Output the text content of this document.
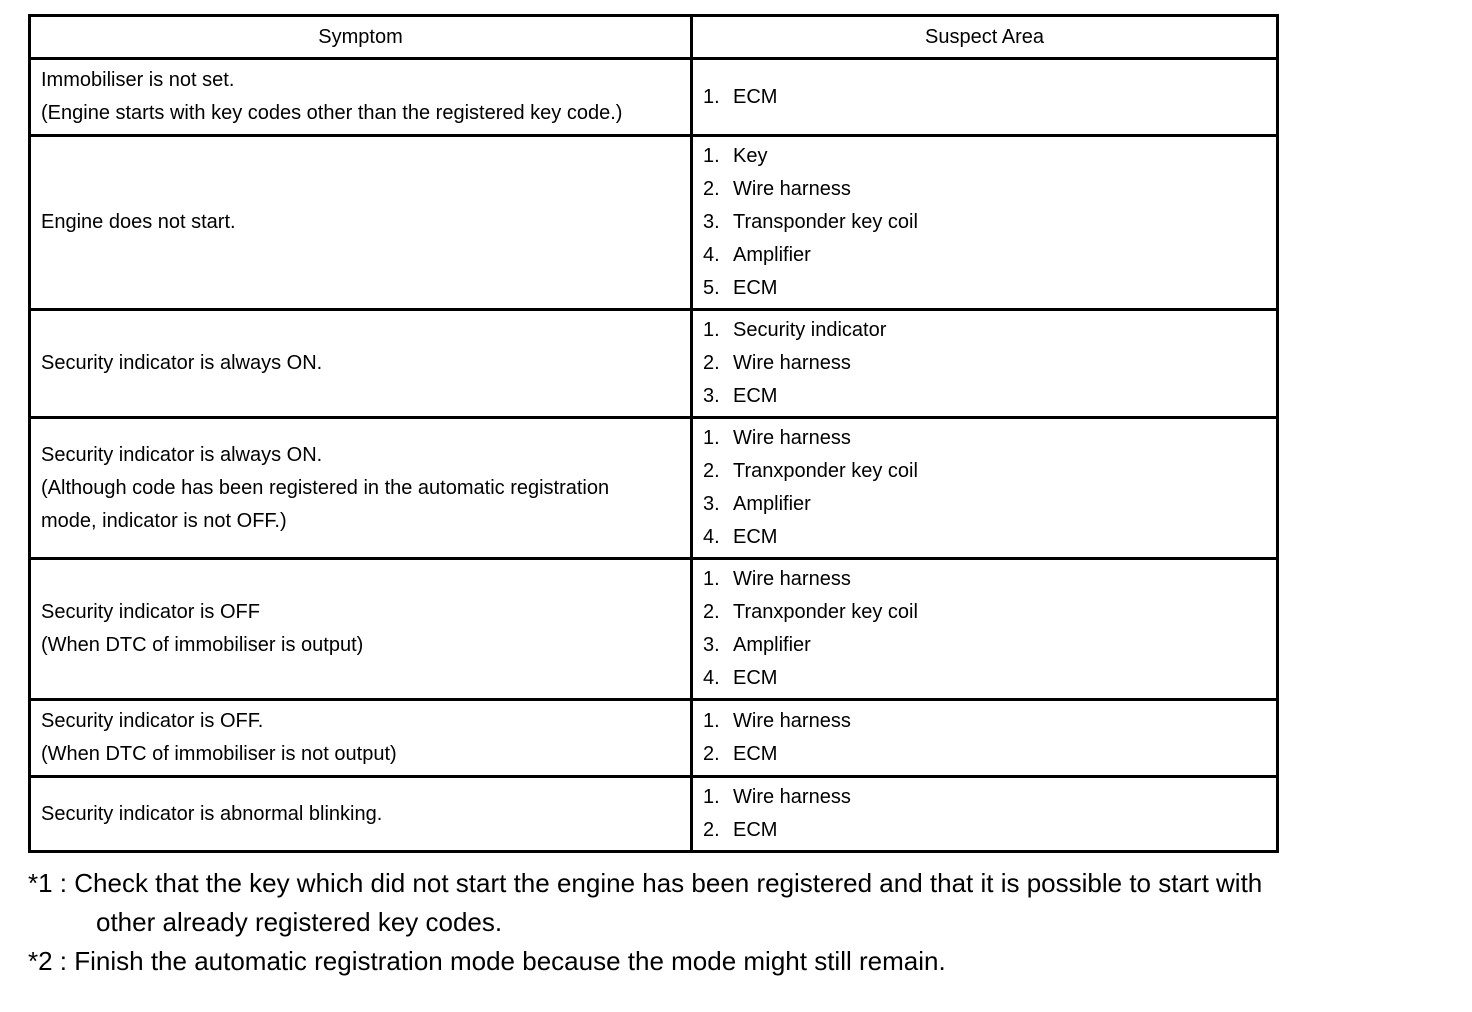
Symptom	Suspect Area

Immobiliser is not set.
(Engine starts with key codes other than the registered key code.)	1. ECM

Engine does not start.	1. Key
2. Wire harness
3. Transponder key coil
4. Amplifier
5. ECM

Security indicator is always ON.	1. Security indicator
2. Wire harness
3. ECM

Security indicator is always ON.
(Although code has been registered in the automatic registration
mode, indicator is not OFF.)	1. Wire harness
2. Tranxponder key coil
3. Amplifier
4. ECM

Security indicator is OFF
(When DTC of immobiliser is output)	1. Wire harness
2. Tranxponder key coil
3. Amplifier
4. ECM

Security indicator is OFF.
(When DTC of immobiliser is not output)	1. Wire harness
2. ECM

Security indicator is abnormal blinking.	1. Wire harness
2. ECM
*1 : Check that the key which did not start the engine has been registered and that it is possible to start with
other already registered key codes.
*2 : Finish the automatic registration mode because the mode might still remain.
